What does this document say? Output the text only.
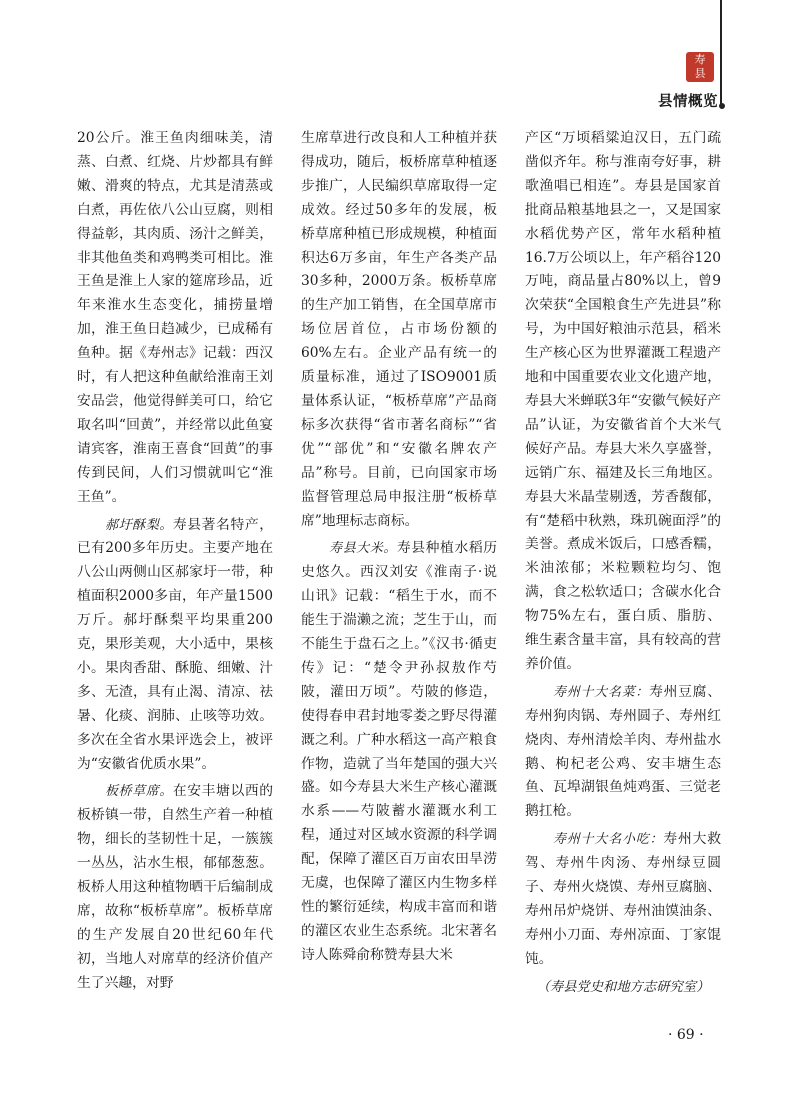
寿
县
县情概览

20公斤。淮王鱼肉细味美，清蒸、白煮、红烧、片炒都具有鲜嫩、滑爽的特点，尤其是清蒸或白煮，再佐依八公山豆腐，则相得益彰，其肉质、汤汁之鲜美，非其他鱼类和鸡鸭类可相比。淮王鱼是淮上人家的筵席珍品，近年来淮水生态变化，捕捞量增加，淮王鱼日趋减少，已成稀有鱼种。据《寿州志》记载：西汉时，有人把这种鱼献给淮南王刘安品尝，他觉得鲜美可口，给它取名叫“回黄”，并经常以此鱼宴请宾客，淮南王喜食“回黄”的事传到民间，人们习惯就叫它“淮王鱼”。

郝圩酥梨。寿县著名特产，已有200多年历史。主要产地在八公山两侧山区郝家圩一带，种植面积2000多亩，年产量1500万斤。郝圩酥梨平均果重200克，果形美观，大小适中，果核小。果肉香甜、酥脆、细嫩、汁多、无渣，具有止渴、清凉、祛暑、化痰、润肺、止咳等功效。多次在全省水果评选会上，被评为“安徽省优质水果”。

板桥草席。在安丰塘以西的板桥镇一带，自然生产着一种植物，细长的茎韧性十足，一簇簇一丛丛，沾水生根，郁郁葱葱。板桥人用这种植物晒干后编制成席，故称“板桥草席”。板桥草席的生产发展自20世纪60年代初，当地人对席草的经济价值产生了兴趣，对野

生席草进行改良和人工种植并获得成功，随后，板桥席草种植逐步推广，人民编织草席取得一定成效。经过50多年的发展，板桥草席种植已形成规模，种植面积达6万多亩，年生产各类产品30多种，2000万条。板桥草席的生产加工销售，在全国草席市场位居首位，占市场份额的60%左右。企业产品有统一的质量标准，通过了ISO9001质量体系认证，“板桥草席”产品商标多次获得“省市著名商标”“省优”“部优”和“安徽名牌农产品”称号。目前，已向国家市场监督管理总局申报注册“板桥草席”地理标志商标。

寿县大米。寿县种植水稻历史悠久。西汉刘安《淮南子·说山讯》记载：“稻生于水，而不能生于湍濑之流；芝生于山，而不能生于盘石之上。”《汉书·循吏传》记：“楚令尹孙叔敖作芍陂，灌田万顷”。芍陂的修造，使得春申君封地零娄之野尽得灌溉之利。广种水稻这一高产粮食作物，造就了当年楚国的强大兴盛。如今寿县大米生产核心灌溉水系——芍陂蓄水灌溉水利工程，通过对区域水资源的科学调配，保障了灌区百万亩农田旱涝无虞，也保障了灌区内生物多样性的繁衍延续，构成丰富而和谐的灌区农业生态系统。北宋著名诗人陈舜俞称赞寿县大米

产区“万顷稻粱迫汉日，五门疏凿似齐年。称与淮南夸好事，耕歌渔唱已相连”。寿县是国家首批商品粮基地县之一，又是国家水稻优势产区，常年水稻种植16.7万公顷以上，年产稻谷120万吨，商品量占80%以上，曾9次荣获“全国粮食生产先进县”称号，为中国好粮油示范县，稻米生产核心区为世界灌溉工程遗产地和中国重要农业文化遗产地，寿县大米蝉联3年“安徽气候好产品”认证，为安徽省首个大米气候好产品。寿县大米久享盛誉，远销广东、福建及长三角地区。寿县大米晶莹剔透，芳香馥郁，有“楚稻中秋熟，珠玑碗面浮”的美誉。煮成米饭后，口感香糯，米油浓郁；米粒颗粒均匀、饱满，食之松软适口；含碳水化合物75%左右，蛋白质、脂肪、维生素含量丰富，具有较高的营养价值。

寿州十大名菜：寿州豆腐、寿州狗肉锅、寿州圆子、寿州红烧肉、寿州清烩羊肉、寿州盐水鹅、枸杞老公鸡、安丰塘生态鱼、瓦埠湖银鱼炖鸡蛋、三觉老鹅扛枪。

寿州十大名小吃：寿州大救驾、寿州牛肉汤、寿州绿豆圆子、寿州火烧馍、寿州豆腐脑、寿州吊炉烧饼、寿州油馍油条、寿州小刀面、寿州凉面、丁家馄饨。

（寿县党史和地方志研究室）
· 69 ·
